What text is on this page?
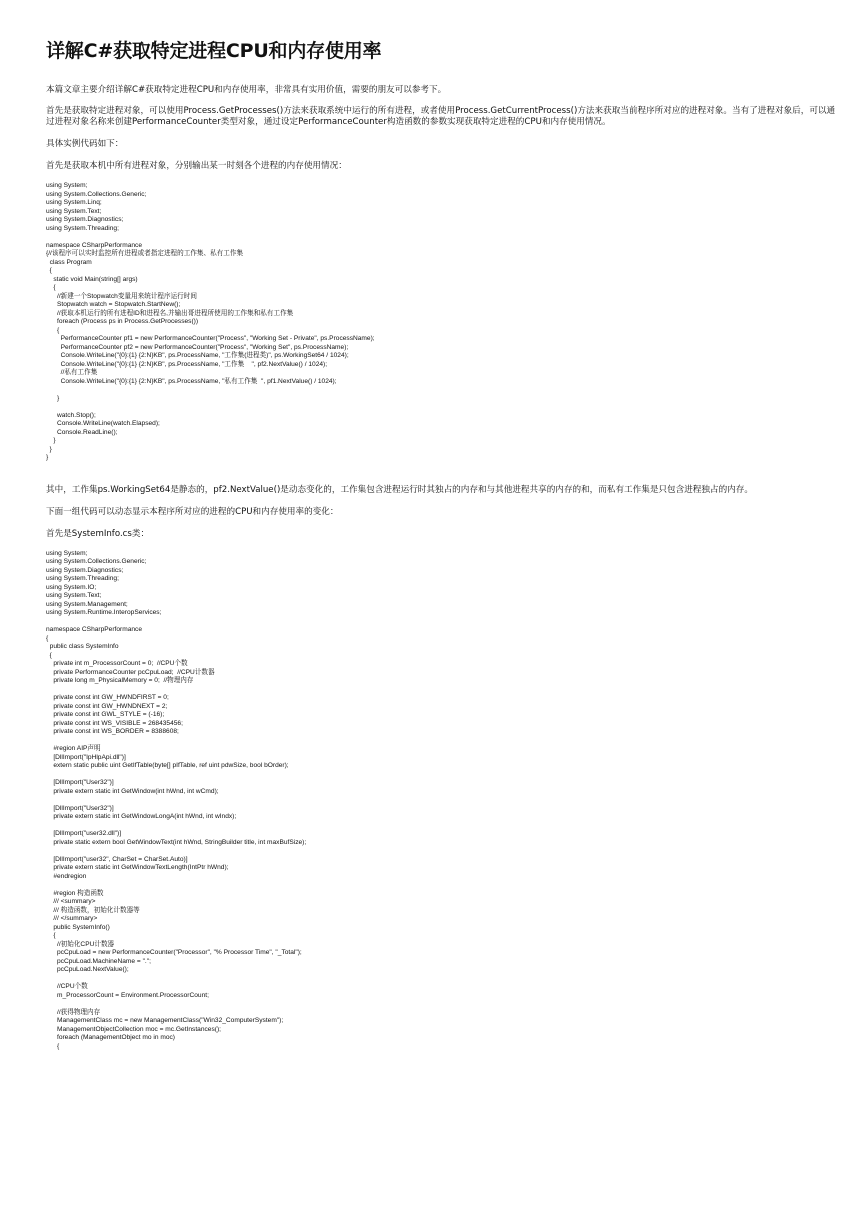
详解C#获取特定进程CPU和内存使用率

本篇文章主要介绍详解C#获取特定进程CPU和内存使用率，非常具有实用价值，需要的朋友可以参考下。

首先是获取特定进程对象，可以使用Process.GetProcesses()方法来获取系统中运行的所有进程，或者使用Process.GetCurrentProcess()方法来获取当前程序所对应的进程对象。当有了进程对象后，可以通过进程对象名称来创建PerformanceCounter类型对象，通过设定PerformanceCounter构造函数的参数实现获取特定进程的CPU和内存使用情况。

具体实例代码如下：

首先是获取本机中所有进程对象，分别输出某一时刻各个进程的内存使用情况：

using System;
using System.Collections.Generic;
using System.Linq;
using System.Text;
using System.Diagnostics;
using System.Threading;

namespace CSharpPerformance
{//该程序可以实时监控所有进程或者指定进程的工作集、私有工作集
class Program
{
static void Main(string[] args)
{
//新建一个Stopwatch变量用来统计程序运行时间
Stopwatch watch = Stopwatch.StartNew();
//获取本机运行的所有进程ID和进程名,并输出哥进程所使用的工作集和私有工作集
foreach (Process ps in Process.GetProcesses())
{
PerformanceCounter pf1 = new PerformanceCounter("Process", "Working Set - Private", ps.ProcessName);
PerformanceCounter pf2 = new PerformanceCounter("Process", "Working Set", ps.ProcessName);
Console.WriteLine("{0}:{1} {2:N}KB", ps.ProcessName, "工作集(进程类)", ps.WorkingSet64 / 1024);
Console.WriteLine("{0}:{1} {2:N}KB", ps.ProcessName, "工作集    ", pf2.NextValue() / 1024);
//私有工作集
Console.WriteLine("{0}:{1} {2:N}KB", ps.ProcessName, "私有工作集  ", pf1.NextValue() / 1024);

}

watch.Stop();
Console.WriteLine(watch.Elapsed);
Console.ReadLine();
}
}
}

其中，工作集ps.WorkingSet64是静态的，pf2.NextValue()是动态变化的，工作集包含进程运行时其独占的内存和与其他进程共享的内存的和，而私有工作集是只包含进程独占的内存。

下面一组代码可以动态显示本程序所对应的进程的CPU和内存使用率的变化：

首先是SystemInfo.cs类：

using System;
using System.Collections.Generic;
using System.Diagnostics;
using System.Threading;
using System.IO;
using System.Text;
using System.Management;
using System.Runtime.InteropServices;

namespace CSharpPerformance
{
public class SystemInfo
{
private int m_ProcessorCount = 0;  //CPU个数
private PerformanceCounter pcCpuLoad;  //CPU计数器
private long m_PhysicalMemory = 0;  //物理内存

private const int GW_HWNDFIRST = 0;
private const int GW_HWNDNEXT = 2;
private const int GWL_STYLE = (-16);
private const int WS_VISIBLE = 268435456;
private const int WS_BORDER = 8388608;

#region AIP声明
[DllImport("IpHlpApi.dll")]
extern static public uint GetIfTable(byte[] pIfTable, ref uint pdwSize, bool bOrder);

[DllImport("User32")]
private extern static int GetWindow(int hWnd, int wCmd);

[DllImport("User32")]
private extern static int GetWindowLongA(int hWnd, int wIndx);

[DllImport("user32.dll")]
private static extern bool GetWindowText(int hWnd, StringBuilder title, int maxBufSize);

[DllImport("user32", CharSet = CharSet.Auto)]
private extern static int GetWindowTextLength(IntPtr hWnd);
#endregion

#region 构造函数
/// <summary>
/// 构造函数，初始化计数器等
/// </summary>
public SystemInfo()
{
//初始化CPU计数器
pcCpuLoad = new PerformanceCounter("Processor", "% Processor Time", "_Total");
pcCpuLoad.MachineName = ".";
pcCpuLoad.NextValue();

//CPU个数
m_ProcessorCount = Environment.ProcessorCount;

//获得物理内存
ManagementClass mc = new ManagementClass("Win32_ComputerSystem");
ManagementObjectCollection moc = mc.GetInstances();
foreach (ManagementObject mo in moc)
{
